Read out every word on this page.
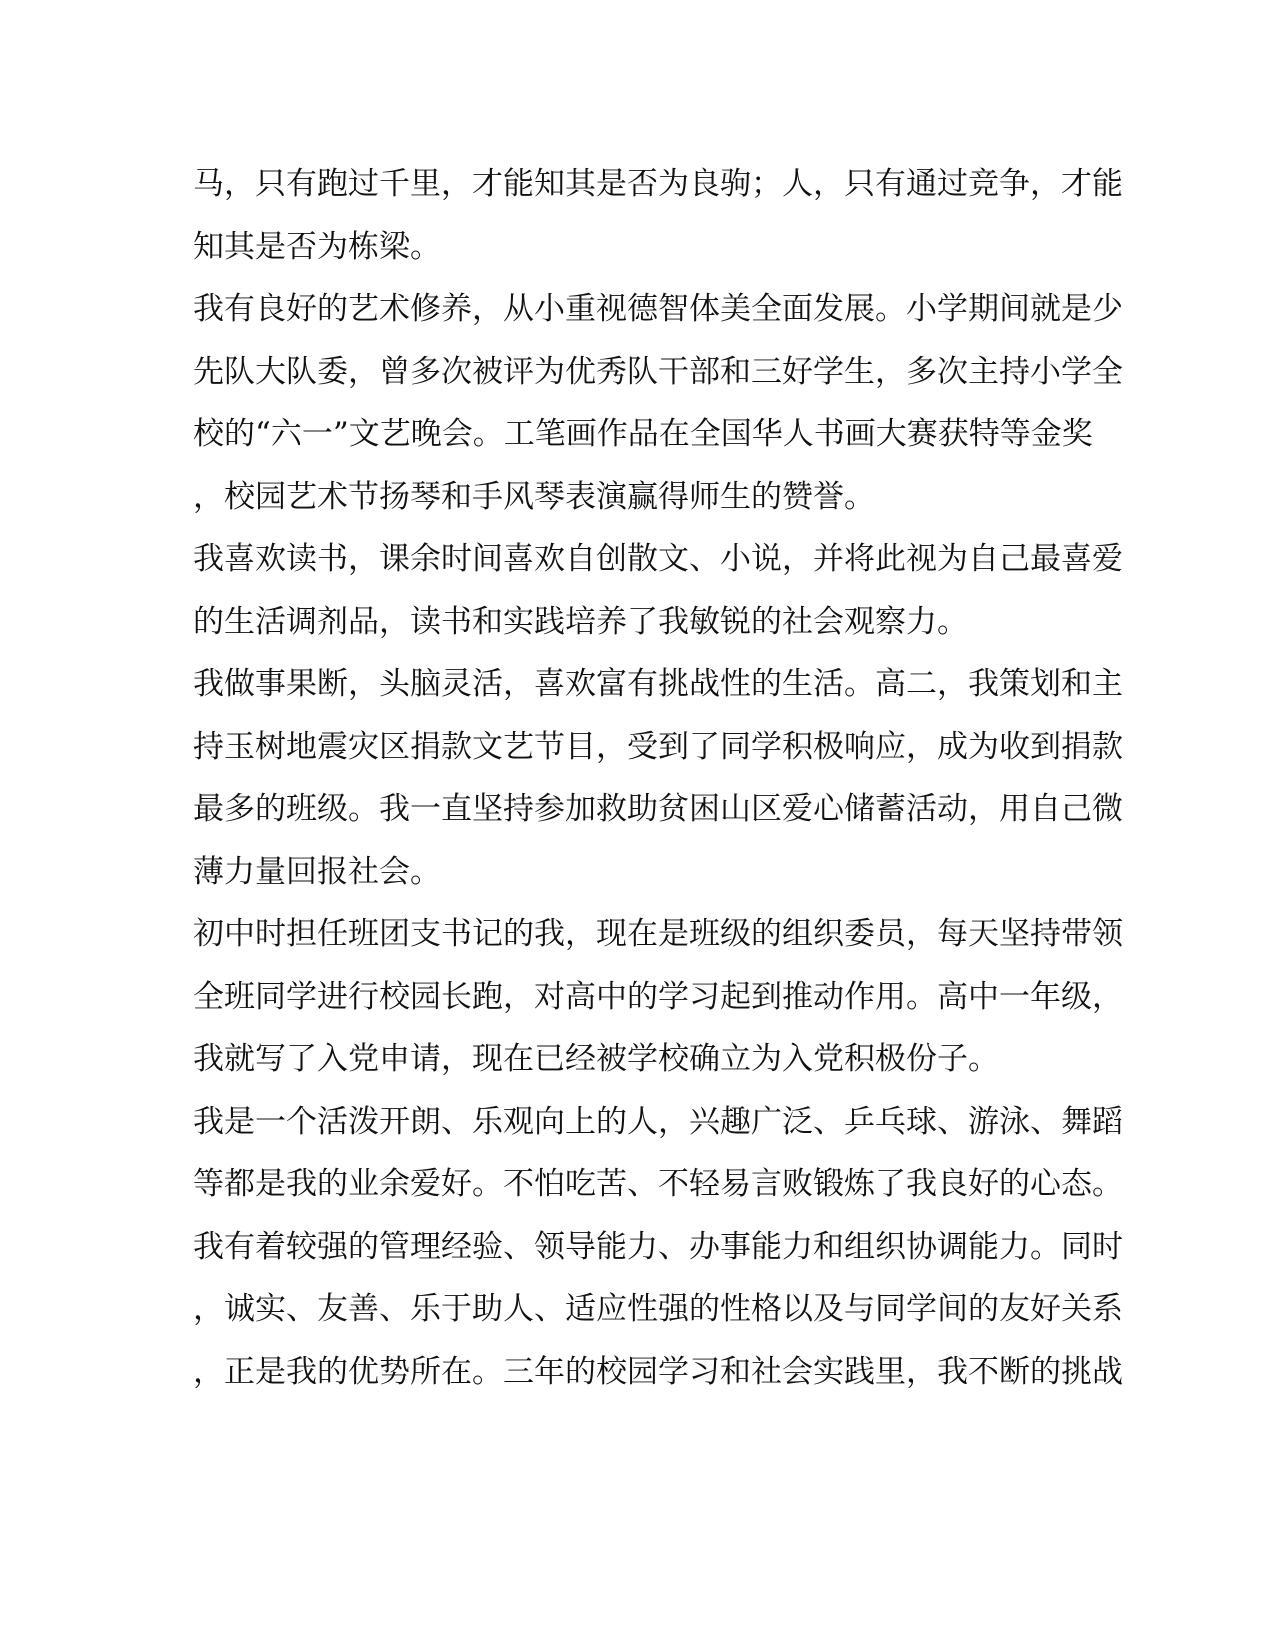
马，只有跑过千里，才能知其是否为良驹；人，只有通过竞争，才能
知其是否为栋梁。
我有良好的艺术修养，从小重视德智体美全面发展。小学期间就是少
先队大队委，曾多次被评为优秀队干部和三好学生，多次主持小学全
校的“六一”文艺晚会。工笔画作品在全国华人书画大赛获特等金奖
，校园艺术节扬琴和手风琴表演赢得师生的赞誉。
我喜欢读书，课余时间喜欢自创散文、小说，并将此视为自己最喜爱
的生活调剂品，读书和实践培养了我敏锐的社会观察力。
我做事果断，头脑灵活，喜欢富有挑战性的生活。高二，我策划和主
持玉树地震灾区捐款文艺节目，受到了同学积极响应，成为收到捐款
最多的班级。我一直坚持参加救助贫困山区爱心储蓄活动，用自己微
薄力量回报社会。
初中时担任班团支书记的我，现在是班级的组织委员，每天坚持带领
全班同学进行校园长跑，对高中的学习起到推动作用。高中一年级，
我就写了入党申请，现在已经被学校确立为入党积极份子。
我是一个活泼开朗、乐观向上的人，兴趣广泛、乒乓球、游泳、舞蹈
等都是我的业余爱好。不怕吃苦、不轻易言败锻炼了我良好的心态。
我有着较强的管理经验、领导能力、办事能力和组织协调能力。同时
，诚实、友善、乐于助人、适应性强的性格以及与同学间的友好关系
，正是我的优势所在。三年的校园学习和社会实践里，我不断的挑战
